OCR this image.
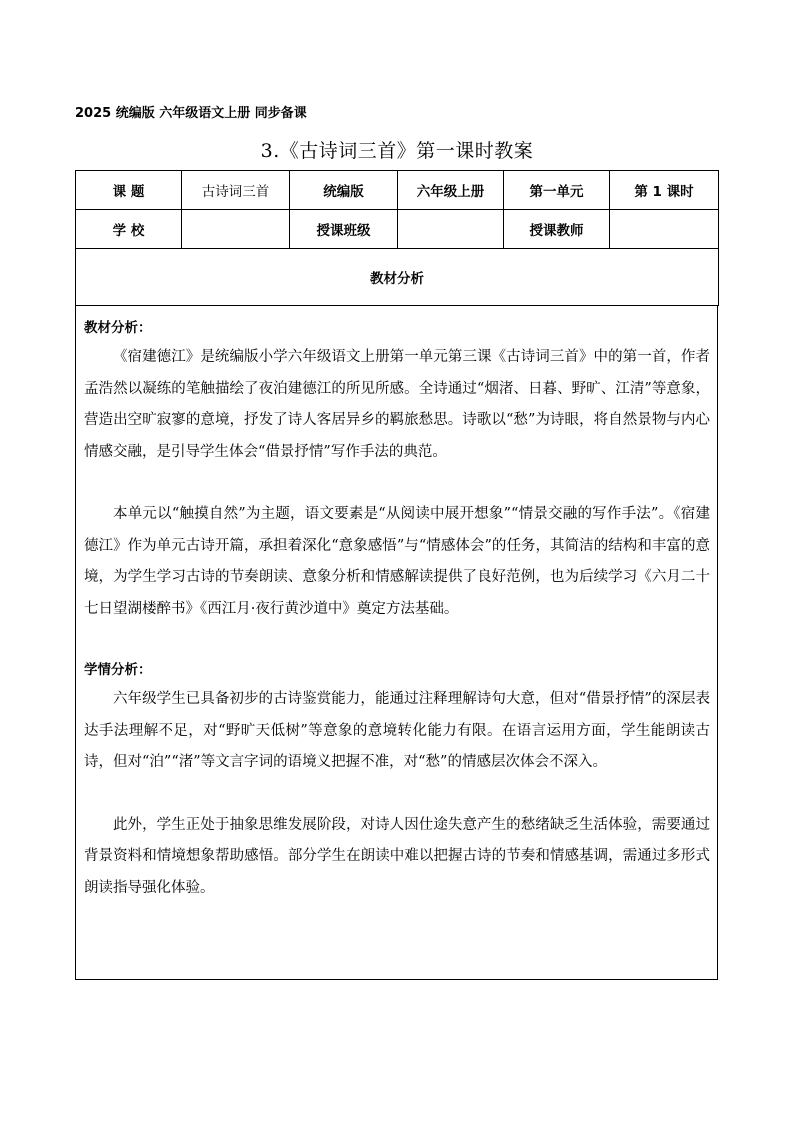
2025 统编版 六年级语文上册 同步备课
3.《古诗词三首》第一课时教案
课 题	古诗词三首	统编版	六年级上册	第一单元	第 1 课时
学 校		授课班级		授课教师	
教材分析					

教材分析：

《宿建德江》是统编版小学六年级语文上册第一单元第三课《古诗词三首》中的第一首，作者孟浩然以凝练的笔触描绘了夜泊建德江的所见所感。全诗通过“烟渚、日暮、野旷、江清”等意象，营造出空旷寂寥的意境，抒发了诗人客居异乡的羁旅愁思。诗歌以“愁”为诗眼，将自然景物与内心情感交融，是引导学生体会“借景抒情”写作手法的典范。

本单元以“触摸自然”为主题，语文要素是“从阅读中展开想象”“情景交融的写作手法”。《宿建德江》作为单元古诗开篇，承担着深化“意象感悟”与“情感体会”的任务，其简洁的结构和丰富的意境，为学生学习古诗的节奏朗读、意象分析和情感解读提供了良好范例，也为后续学习《六月二十七日望湖楼醉书》《西江月·夜行黄沙道中》奠定方法基础。

学情分析：

六年级学生已具备初步的古诗鉴赏能力，能通过注释理解诗句大意，但对“借景抒情”的深层表达手法理解不足，对“野旷天低树”等意象的意境转化能力有限。在语言运用方面，学生能朗读古诗，但对“泊”“渚”等文言字词的语境义把握不准，对“愁”的情感层次体会不深入。

此外，学生正处于抽象思维发展阶段，对诗人因仕途失意产生的愁绪缺乏生活体验，需要通过背景资料和情境想象帮助感悟。部分学生在朗读中难以把握古诗的节奏和情感基调，需通过多形式朗读指导强化体验。
